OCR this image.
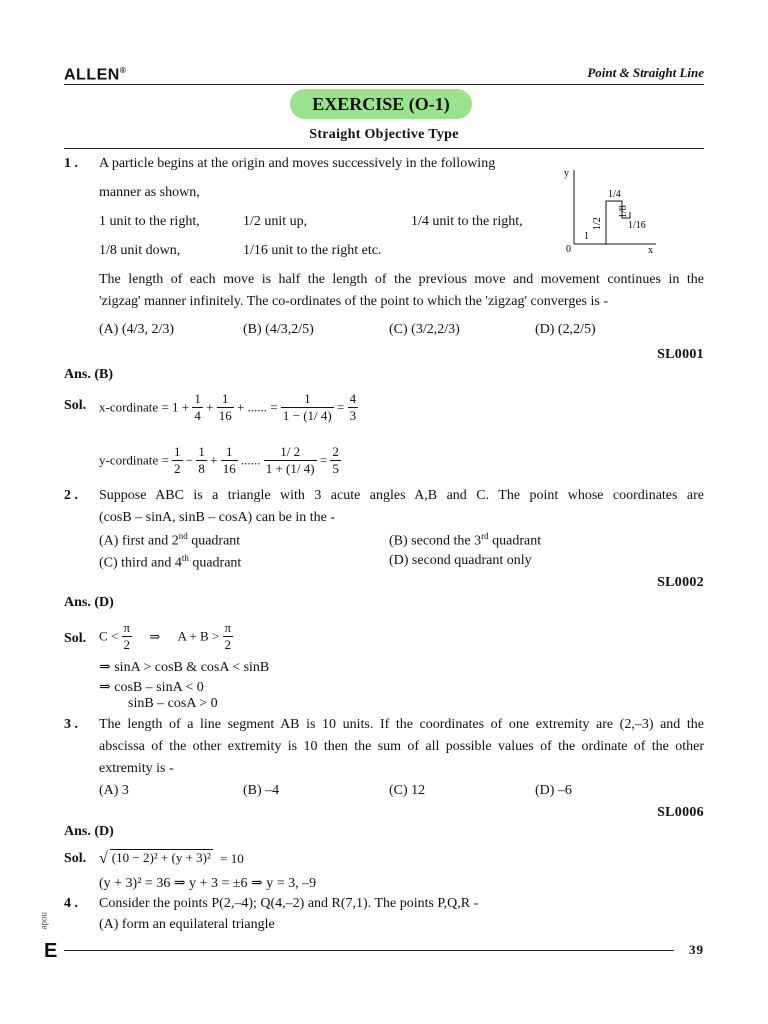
ALLEN®	Point & Straight Line
EXERCISE (O-1)
Straight Objective Type
1 . A particle begins at the origin and moves successively in the following
manner as shown,
1 unit to the right,	1/2 unit up,	1/4 unit to the right,
1/8 unit down,	1/16 unit to the right etc.
y
x
0
1
1/2
1/4
1/8
1/16
The length of each move is half the length of the previous move and movement continues in the
'zigzag' manner infinitely. The co-ordinates of the point to which the 'zigzag' converges is -
(A) (4/3, 2/3)	(B) (4/3,2/5)	(C) (3/2,2/3)	(D) (2,2/5)
SL0001
Ans. (B)
Sol. x-cordinate = $1 + \frac{1}{4} + \frac{1}{16}$ + ...... = $\frac{1}{1 - (1/ 4)} = \frac{4}{3}$
y-cordinate = $\frac{1}{2} - \frac{1}{8} + \frac{1}{16}$ ...... $\frac{1/ 2}{1 + (1/ 4)} = \frac{2}{5}$
2 . Suppose ABC is a triangle with 3 acute angles A,B and C. The point whose coordinates are
(cosB – sinA, sinB – cosA) can be in the -
(A) first and 2nd quadrant	(B) second the 3rd quadrant
(C) third and 4th quadrant	(D) second quadrant only
SL0002
Ans. (D)
Sol. $C < \frac{\pi}{2}$ ⇒ $A + B > \frac{\pi}{2}$
⇒ sinA > cosB & cosA < sinB
⇒ cosB – sinA < 0
sinB – cosA > 0
3 . The length of a line segment AB is 10 units. If the coordinates of one extremity are (2,–3) and the
abscissa of the other extremity is 10 then the sum of all possible values of the ordinate of the other
extremity is -
(A) 3	(B) –4	(C) 12	(D) –6
SL0006
Ans. (D)
Sol. √ (10 − 2)² + (y + 3)² = 10
(y + 3)² = 36 ⇒ y + 3 = ±6 ⇒ y = 3, –9
4 . Consider the points P(2,–4); Q(4,–2) and R(7,1). The points P,Q,R -
(A) form an equilateral triangle
node
E	39
